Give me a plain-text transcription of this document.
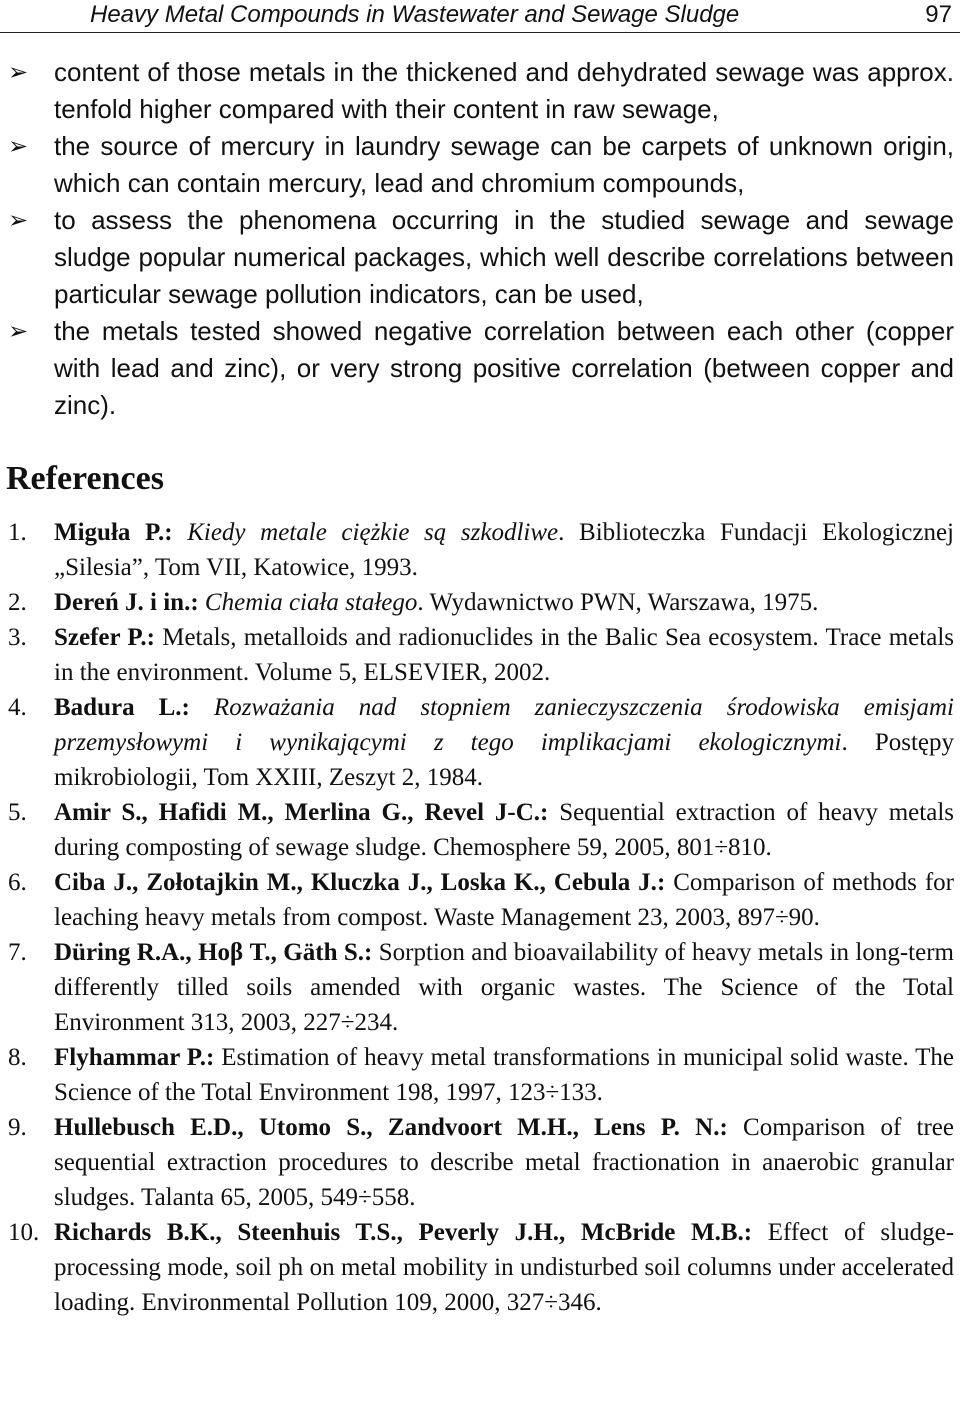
Heavy Metal Compounds in Wastewater and Sewage Sludge	97
➢ content of those metals in the thickened and dehydrated sewage was approx. tenfold higher compared with their content in raw sewage,
➢ the source of mercury in laundry sewage can be carpets of unknown origin, which can contain mercury, lead and chromium compounds,
➢ to assess the phenomena occurring in the studied sewage and sewage sludge popular numerical packages, which well describe correlations between particular sewage pollution indicators, can be used,
➢ the metals tested showed negative correlation between each other (copper with lead and zinc), or very strong positive correlation (between copper and zinc).
References
1. Miguła P.: Kiedy metale ciężkie są szkodliwe. Biblioteczka Fundacji Ekologicznej „Silesia”, Tom VII, Katowice, 1993.
2. Dereń J. i in.: Chemia ciała stałego. Wydawnictwo PWN, Warszawa, 1975.
3. Szefer P.: Metals, metalloids and radionuclides in the Balic Sea ecosystem. Trace metals in the environment. Volume 5, ELSEVIER, 2002.
4. Badura L.: Rozważania nad stopniem zanieczyszczenia środowiska emisjami przemysłowymi i wynikającymi z tego implikacjami ekologicznymi. Postępy mikrobiologii, Tom XXIII, Zeszyt 2, 1984.
5. Amir S., Hafidi M., Merlina G., Revel J-C.: Sequential extraction of heavy metals during composting of sewage sludge. Chemosphere 59, 2005, 801÷810.
6. Ciba J., Zołotajkin M., Kluczka J., Loska K., Cebula J.: Comparison of methods for leaching heavy metals from compost. Waste Management 23, 2003, 897÷90.
7. Düring R.A., Hoβ T., Gäth S.: Sorption and bioavailability of heavy metals in long-term differently tilled soils amended with organic wastes. The Science of the Total Environment 313, 2003, 227÷234.
8. Flyhammar P.: Estimation of heavy metal transformations in municipal solid waste. The Science of the Total Environment 198, 1997, 123÷133.
9. Hullebusch E.D., Utomo S., Zandvoort M.H., Lens P. N.: Comparison of tree sequential extraction procedures to describe metal fractionation in anaerobic granular sludges. Talanta 65, 2005, 549÷558.
10. Richards B.K., Steenhuis T.S., Peverly J.H., McBride M.B.: Effect of sludge-processing mode, soil ph on metal mobility in undisturbed soil columns under accelerated loading. Environmental Pollution 109, 2000, 327÷346.
